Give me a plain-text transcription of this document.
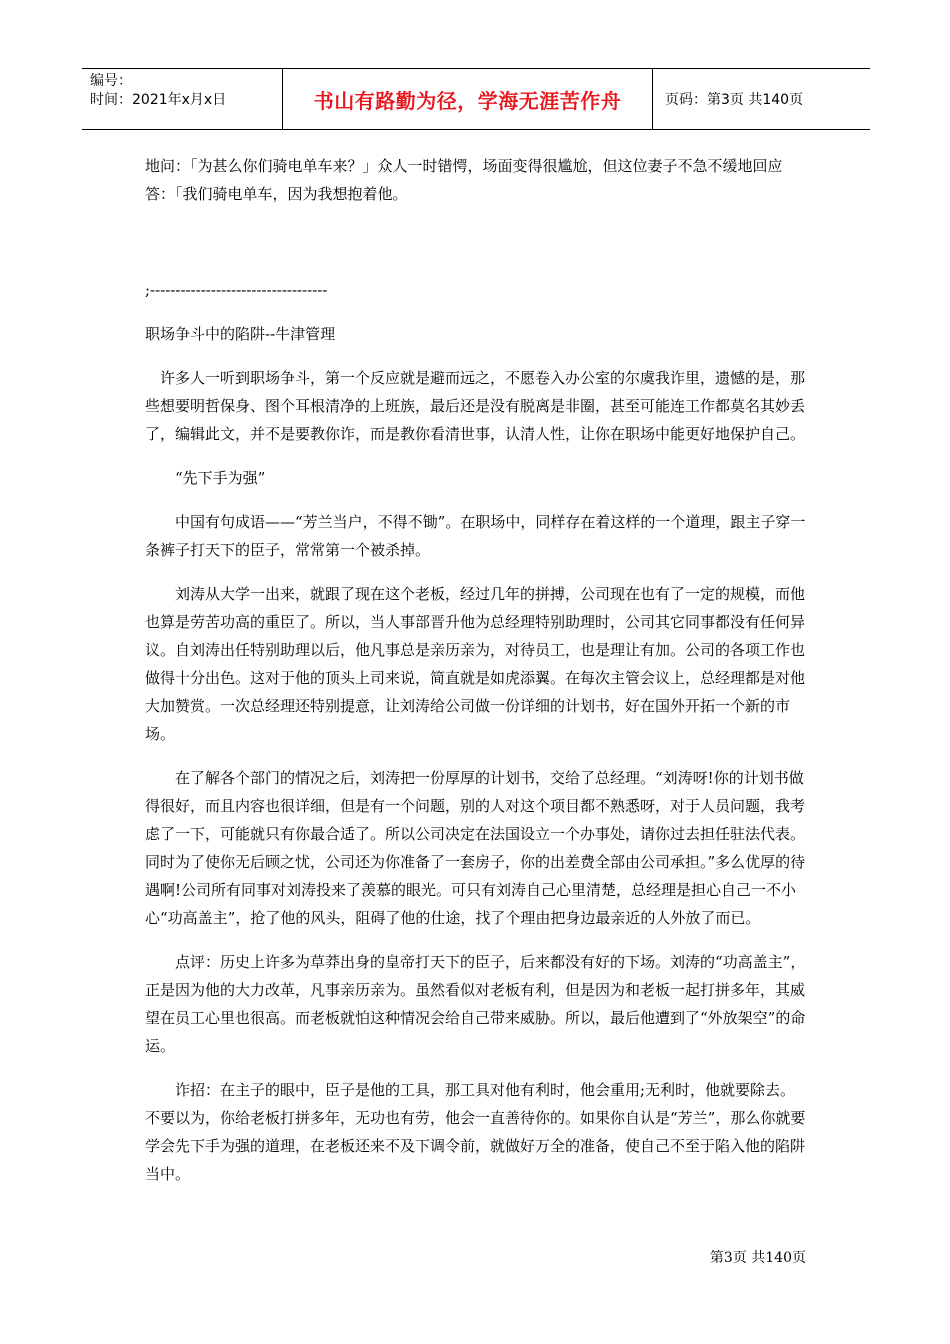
编号：
时间：2021年x月x日	书山有路勤为径，学海无涯苦作舟	页码：第3页 共140页

地问：「为甚么你们骑电单车来？」众人一时错愕，场面变得很尴尬，但这位妻子不急不缓地回应答：「我们骑电单车，因为我想抱着他。

;-----------------------------------

职场争斗中的陷阱--牛津管理

许多人一听到职场争斗，第一个反应就是避而远之，不愿卷入办公室的尔虞我诈里，遗憾的是，那些想要明哲保身、图个耳根清净的上班族，最后还是没有脱离是非圈，甚至可能连工作都莫名其妙丢了，编辑此文，并不是要教你诈，而是教你看清世事，认清人性，让你在职场中能更好地保护自己。

“先下手为强”

中国有句成语——“芳兰当户，不得不锄”。在职场中，同样存在着这样的一个道理，跟主子穿一条裤子打天下的臣子，常常第一个被杀掉。

刘涛从大学一出来，就跟了现在这个老板，经过几年的拼搏，公司现在也有了一定的规模，而他也算是劳苦功高的重臣了。所以，当人事部晋升他为总经理特别助理时，公司其它同事都没有任何异议。自刘涛出任特别助理以后，他凡事总是亲历亲为，对待员工，也是理让有加。公司的各项工作也做得十分出色。这对于他的顶头上司来说，简直就是如虎添翼。在每次主管会议上，总经理都是对他大加赞赏。一次总经理还特别提意，让刘涛给公司做一份详细的计划书，好在国外开拓一个新的市场。

在了解各个部门的情况之后，刘涛把一份厚厚的计划书，交给了总经理。“刘涛呀!你的计划书做得很好，而且内容也很详细，但是有一个问题，别的人对这个项目都不熟悉呀，对于人员问题，我考虑了一下，可能就只有你最合适了。所以公司决定在法国设立一个办事处，请你过去担任驻法代表。同时为了使你无后顾之忧，公司还为你准备了一套房子，你的出差费全部由公司承担。”多么优厚的待遇啊!公司所有同事对刘涛投来了羡慕的眼光。可只有刘涛自己心里清楚，总经理是担心自己一不小心“功高盖主”，抢了他的风头，阻碍了他的仕途，找了个理由把身边最亲近的人外放了而已。

点评：历史上许多为草莽出身的皇帝打天下的臣子，后来都没有好的下场。刘涛的“功高盖主”，正是因为他的大力改革，凡事亲历亲为。虽然看似对老板有利，但是因为和老板一起打拼多年，其威望在员工心里也很高。而老板就怕这种情况会给自己带来威胁。所以，最后他遭到了“外放架空”的命运。

诈招：在主子的眼中，臣子是他的工具，那工具对他有利时，他会重用;无利时，他就要除去。不要以为，你给老板打拼多年，无功也有劳，他会一直善待你的。如果你自认是“芳兰”，那么你就要学会先下手为强的道理，在老板还来不及下调令前，就做好万全的准备，使自己不至于陷入他的陷阱当中。

第3页 共140页
